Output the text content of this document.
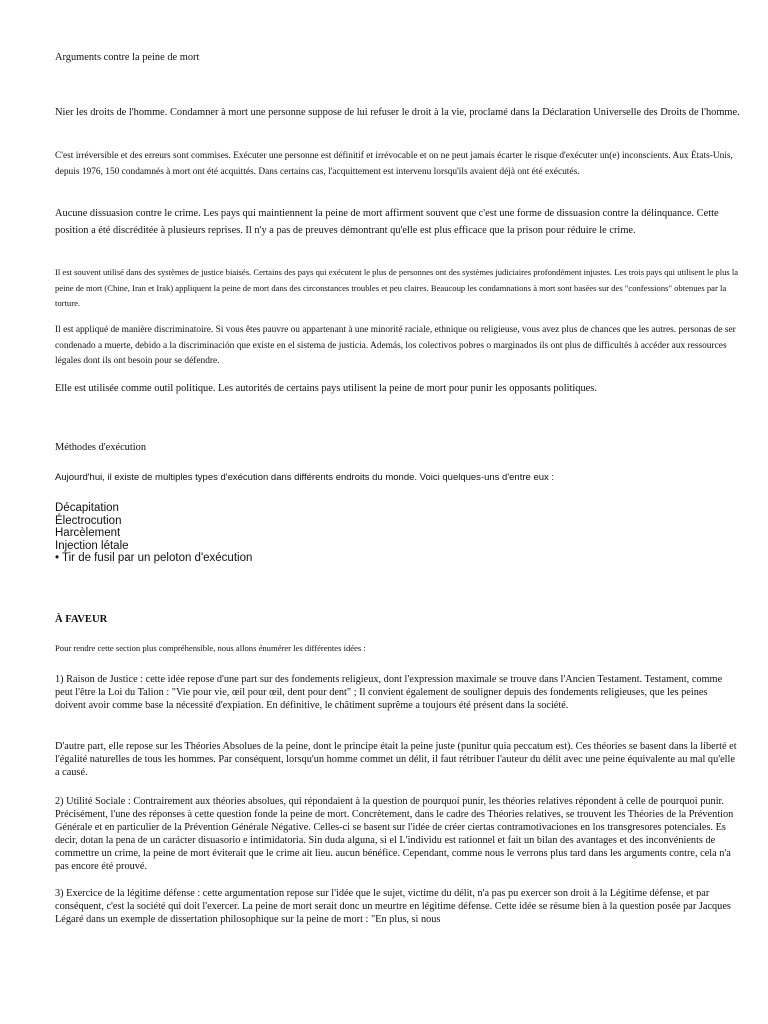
Arguments contre la peine de mort

Nier les droits de l'homme. Condamner à mort une personne suppose de lui refuser le droit à la vie, proclamé dans la Déclaration Universelle des Droits de l'homme.

C'est irréversible et des erreurs sont commises. Exécuter une personne est définitif et irrévocable et on ne peut jamais écarter le risque d'exécuter un(e) inconscients. Aux États-Unis, depuis 1976, 150 condamnés à mort ont été acquittés. Dans certains cas, l'acquittement est intervenu lorsqu'ils avaient déjà ont été exécutés.

Aucune dissuasion contre le crime. Les pays qui maintiennent la peine de mort affirment souvent que c'est une forme de dissuasion contre la délinquance. Cette position a été discréditée à plusieurs reprises. Il n'y a pas de preuves démontrant qu'elle est plus efficace que la prison pour réduire le crime.

Il est souvent utilisé dans des systèmes de justice biaisés. Certains des pays qui exécutent le plus de personnes ont des systèmes judiciaires profondément injustes. Les trois pays qui utilisent le plus la peine de mort (Chine, Iran et Irak) appliquent la peine de mort dans des circonstances troubles et peu claires. Beaucoup les condamnations à mort sont basées sur des "confessions" obtenues par la torture.

Il est appliqué de manière discriminatoire. Si vous êtes pauvre ou appartenant à une minorité raciale, ethnique ou religieuse, vous avez plus de chances que les autres. personas de ser condenado a muerte, debido a la discriminación que existe en el sistema de justicia. Además, los colectivos pobres o marginados ils ont plus de difficultés à accéder aux ressources légales dont ils ont besoin pour se défendre.

Elle est utilisée comme outil politique. Les autorités de certains pays utilisent la peine de mort pour punir les opposants politiques.

Méthodes d'exécution

Aujourd'hui, il existe de multiples types d'exécution dans différents endroits du monde. Voici quelques-uns d'entre eux :

Décapitation
Électrocution
Harcèlement
Injection létale
• Tir de fusil par un peloton d'exécution

À FAVEUR

Pour rendre cette section plus compréhensible, nous allons énumérer les différentes idées :

1) Raison de Justice : cette idée repose d'une part sur des fondements religieux, dont l'expression maximale se trouve dans l'Ancien Testament. Testament, comme peut l'être la Loi du Talion : "Vie pour vie, œil pour œil, dent pour dent" ; Il convient également de souligner depuis des fondements religieuses, que les peines doivent avoir comme base la nécessité d'expiation. En définitive, le châtiment suprême a toujours été présent dans la société.

D'autre part, elle repose sur les Théories Absolues de la peine, dont le principe était la peine juste (punitur quia peccatum est). Ces théories se basent dans la liberté et l'égalité naturelles de tous les hommes. Par conséquent, lorsqu'un homme commet un délit, il faut rétribuer l'auteur du délit avec une peine équivalente au mal qu'elle a causé.

2) Utilité Sociale : Contrairement aux théories absolues, qui répondaient à la question de pourquoi punir, les théories relatives répondent à celle de pourquoi punir. Précisément, l'une des réponses à cette question fonde la peine de mort. Concrètement, dans le cadre des Théories relatives, se trouvent les Théories de la Prévention Générale et en particulier de la Prévention Générale Négative. Celles-ci se basent sur l'idée de créer ciertas contramotivaciones en los transgresores potenciales. Es decir, dotan la pena de un carácter disuasorio e intimidatoria. Sin duda alguna, si el L'individu est rationnel et fait un bilan des avantages et des inconvénients de commettre un crime, la peine de mort éviterait que le crime ait lieu. aucun bénéfice. Cependant, comme nous le verrons plus tard dans les arguments contre, cela n'a pas encore été prouvé.

3) Exercice de la légitime défense : cette argumentation repose sur l'idée que le sujet, victime du délit, n'a pas pu exercer son droit à la Légitime défense, et par conséquent, c'est la société qui doit l'exercer. La peine de mort serait donc un meurtre en légitime défense. Cette idée se résume bien à la question posée par Jacques Légaré dans un exemple de dissertation philosophique sur la peine de mort : "En plus, si nous
